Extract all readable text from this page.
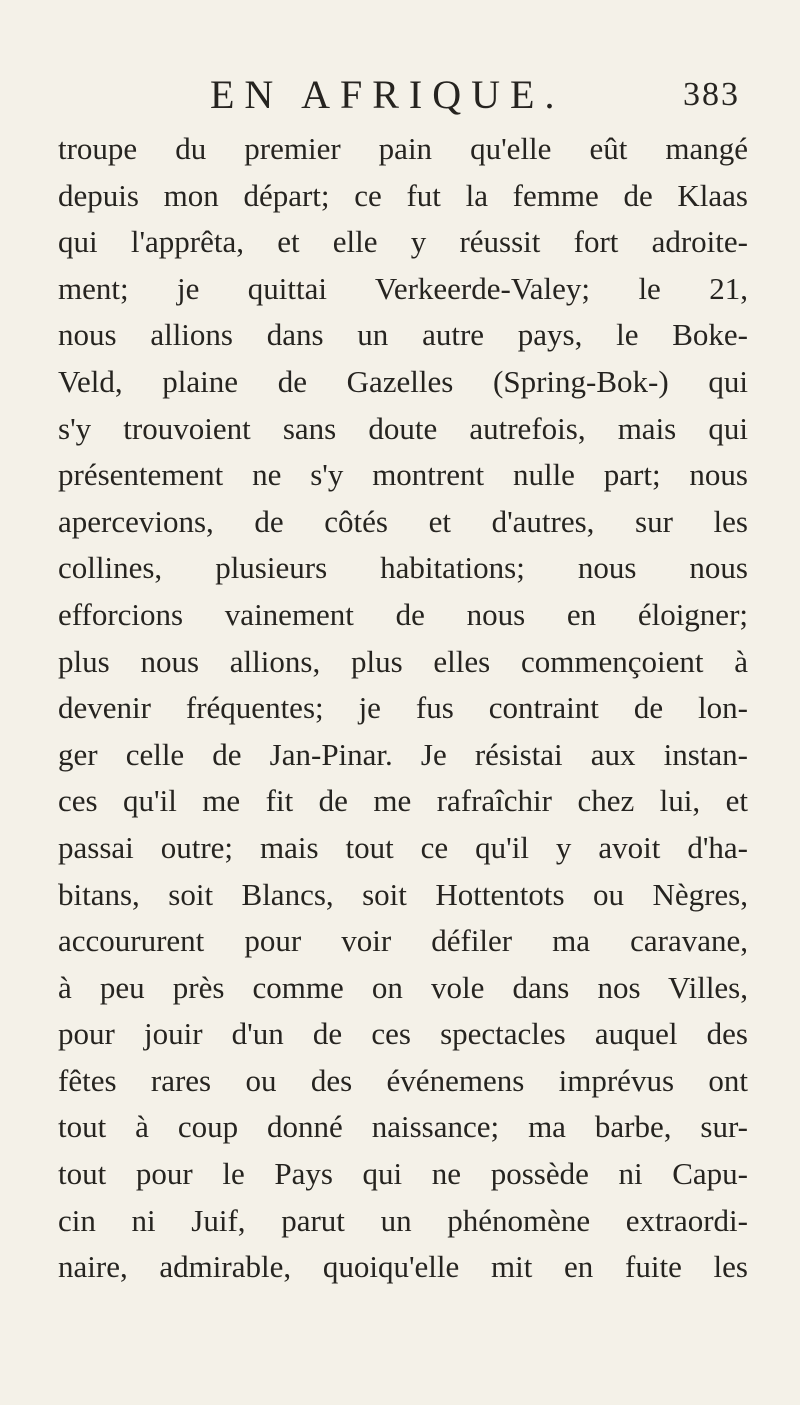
EN AFRIQUE.	383
troupe du premier pain qu'elle eût mangé
depuis mon départ; ce fut la femme de Klaas
qui l'apprêta, et elle y réussit fort adroite-
ment; je quittai Verkeerde-Valey; le 21,
nous allions dans un autre pays, le Boke-
Veld, plaine de Gazelles (Spring-Bok-) qui
s'y trouvoient sans doute autrefois, mais qui
présentement ne s'y montrent nulle part; nous
apercevions, de côtés et d'autres, sur les
collines, plusieurs habitations; nous nous
efforcions vainement de nous en éloigner;
plus nous allions, plus elles commençoient à
devenir fréquentes; je fus contraint de lon-
ger celle de Jan-Pinar. Je résistai aux instan-
ces qu'il me fit de me rafraîchir chez lui, et
passai outre; mais tout ce qu'il y avoit d'ha-
bitans, soit Blancs, soit Hottentots ou Nègres,
accoururent pour voir défiler ma caravane,
à peu près comme on vole dans nos Villes,
pour jouir d'un de ces spectacles auquel des
fêtes rares ou des événemens imprévus ont
tout à coup donné naissance; ma barbe, sur-
tout pour le Pays qui ne possède ni Capu-
cin ni Juif, parut un phénomène extraordi-
naire, admirable, quoiqu'elle mit en fuite les
